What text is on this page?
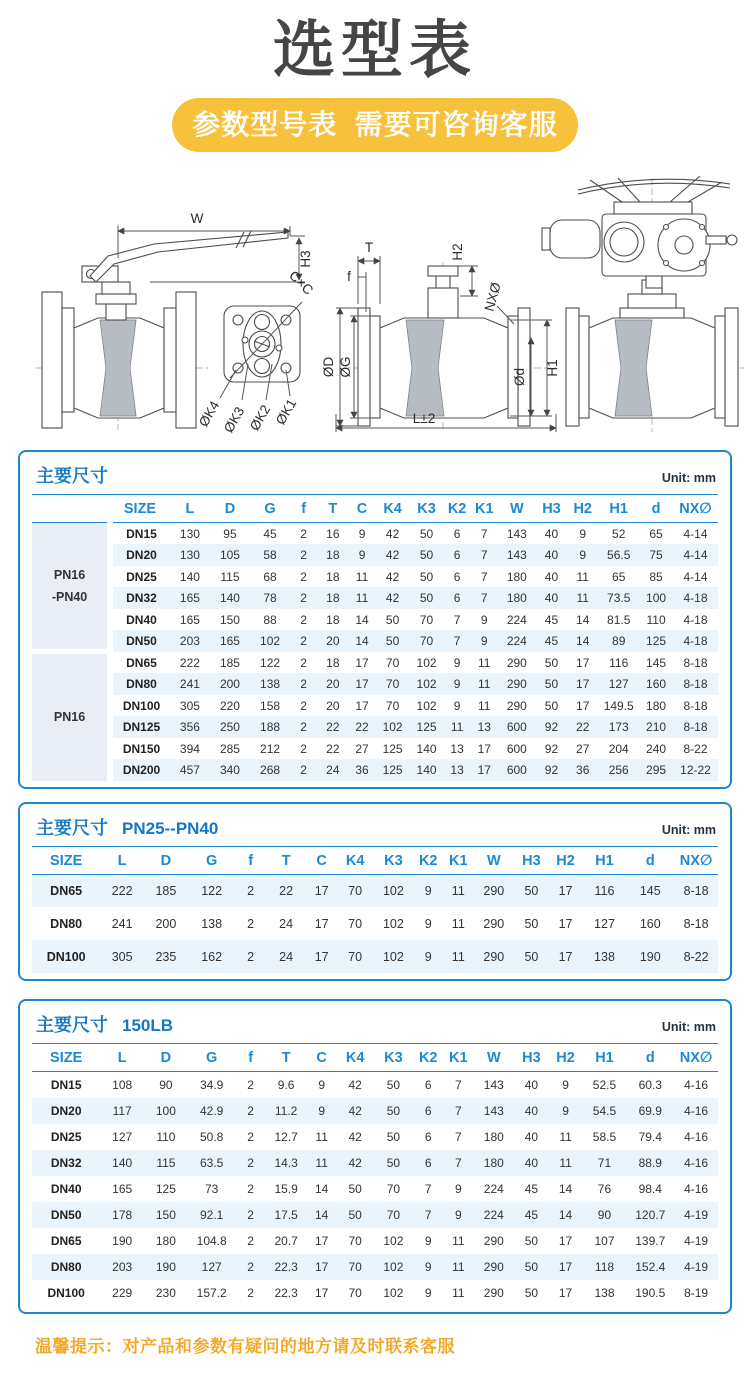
选型表
参数型号表  需要可咨询客服
W
H3
C×C
ØK4
ØK3 ØK2 ØK1
T
f
ØD ØG
NXØ
H2
H1
Ød
L±2
主要尺寸	Unit: mm
	SIZE	L	D	G	f	T	C	K4	K3	K2	K1	W	H3	H2	H1	d	NX∅

PN16
-PN40	DN15	130	95	45	2	16	9	42	50	6	7	143	40	9	52	65	4-14
	DN20	130	105	58	2	18	9	42	50	6	7	143	40	9	56.5	75	4-14
	DN25	140	115	68	2	18	11	42	50	6	7	180	40	11	65	85	4-14
	DN32	165	140	78	2	18	11	42	50	6	7	180	40	11	73.5	100	4-18
	DN40	165	150	88	2	18	14	50	70	7	9	224	45	14	81.5	110	4-18
	DN50	203	165	102	2	20	14	50	70	7	9	224	45	14	89	125	4-18

PN16	DN65	222	185	122	2	18	17	70	102	9	11	290	50	17	116	145	8-18
	DN80	241	200	138	2	20	17	70	102	9	11	290	50	17	127	160	8-18
	DN100	305	220	158	2	20	17	70	102	9	11	290	50	17	149.5	180	8-18
	DN125	356	250	188	2	22	22	102	125	11	13	600	92	22	173	210	8-18
	DN150	394	285	212	2	22	27	125	140	13	17	600	92	27	204	240	8-22
	DN200	457	340	268	2	24	36	125	140	13	17	600	92	36	256	295	12-22
主要尺寸 PN25--PN40	Unit: mm
SIZE	L	D	G	f	T	C	K4	K3	K2	K1	W	H3	H2	H1	d	NX∅
DN65	222	185	122	2	22	17	70	102	9	11	290	50	17	116	145	8-18
DN80	241	200	138	2	24	17	70	102	9	11	290	50	17	127	160	8-18
DN100	305	235	162	2	24	17	70	102	9	11	290	50	17	138	190	8-22
主要尺寸 150LB	Unit: mm
SIZE	L	D	G	f	T	C	K4	K3	K2	K1	W	H3	H2	H1	d	NX∅
DN15	108	90	34.9	2	9.6	9	42	50	6	7	143	40	9	52.5	60.3	4-16
DN20	117	100	42.9	2	11.2	9	42	50	6	7	143	40	9	54.5	69.9	4-16
DN25	127	110	50.8	2	12.7	11	42	50	6	7	180	40	11	58.5	79.4	4-16
DN32	140	115	63.5	2	14.3	11	42	50	6	7	180	40	11	71	88.9	4-16
DN40	165	125	73	2	15.9	14	50	70	7	9	224	45	14	76	98.4	4-16
DN50	178	150	92.1	2	17.5	14	50	70	7	9	224	45	14	90	120.7	4-19
DN65	190	180	104.8	2	20.7	17	70	102	9	11	290	50	17	107	139.7	4-19
DN80	203	190	127	2	22.3	17	70	102	9	11	290	50	17	118	152.4	4-19
DN100	229	230	157.2	2	22.3	17	70	102	9	11	290	50	17	138	190.5	8-19

温馨提示：对产品和参数有疑问的地方请及时联系客服
